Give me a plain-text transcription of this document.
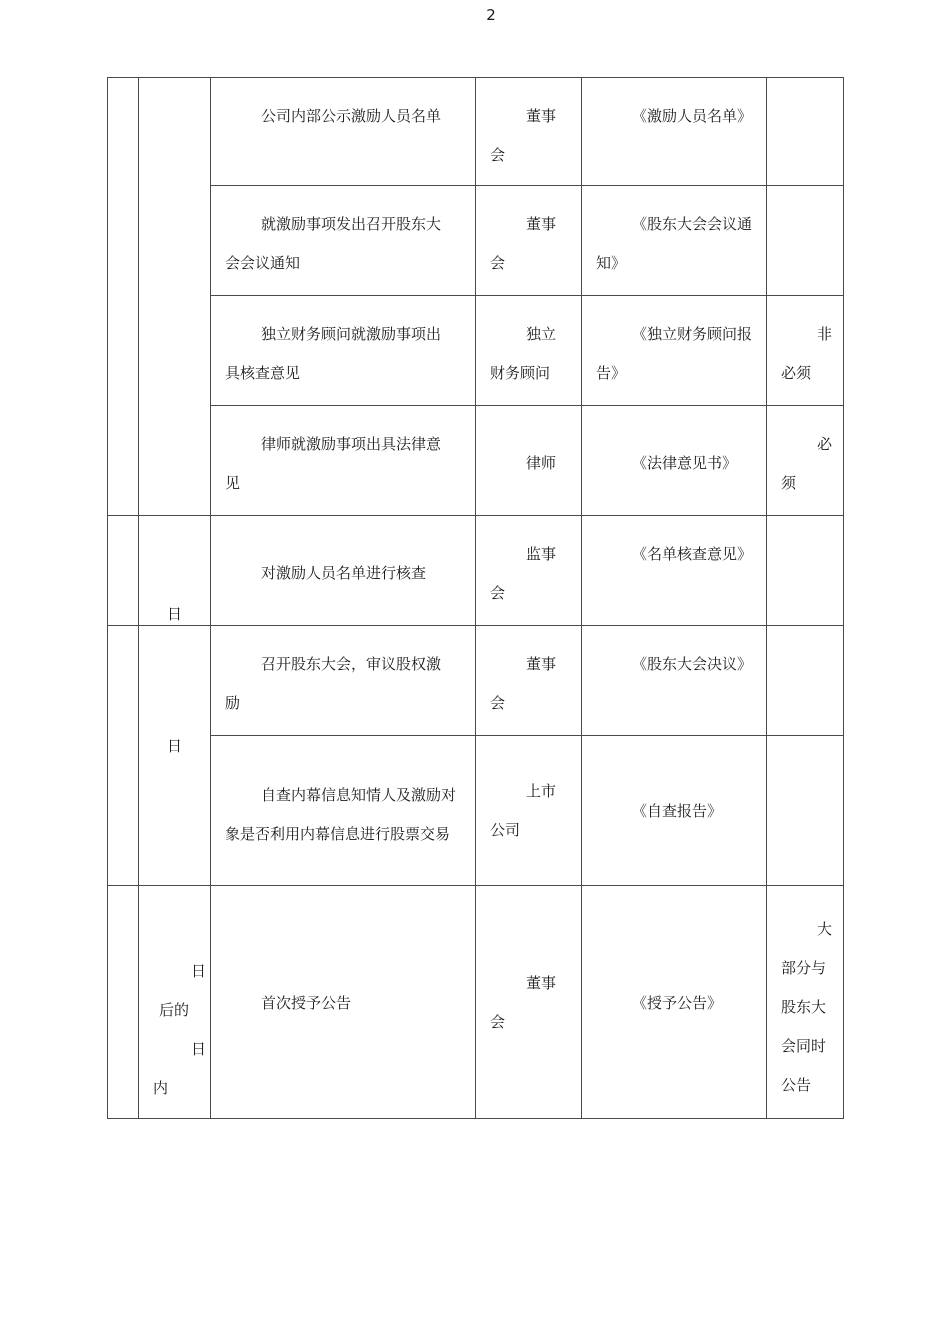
2

		公司内部公示激励人员名单	董事会	《激励人员名单》	

		就激励事项发出召开股东大会会议通知	董事会	《股东大会会议通知》	

		独立财务顾问就激励事项出具核查意见	独立财务顾问	《独立财务顾问报告》	非必须

		律师就激励事项出具法律意见	律师	《法律意见书》	必须

	日	对激励人员名单进行核查	监事会	《名单核查意见》	

	日	召开股东大会，审议股权激励	董事会	《股东大会决议》	

		自查内幕信息知情人及激励对象是否利用内幕信息进行股票交易	上市公司	《自查报告》	

	日
后的
日
内	首次授予公告	董事会	《授予公告》	大部分与股东大会同时公告
